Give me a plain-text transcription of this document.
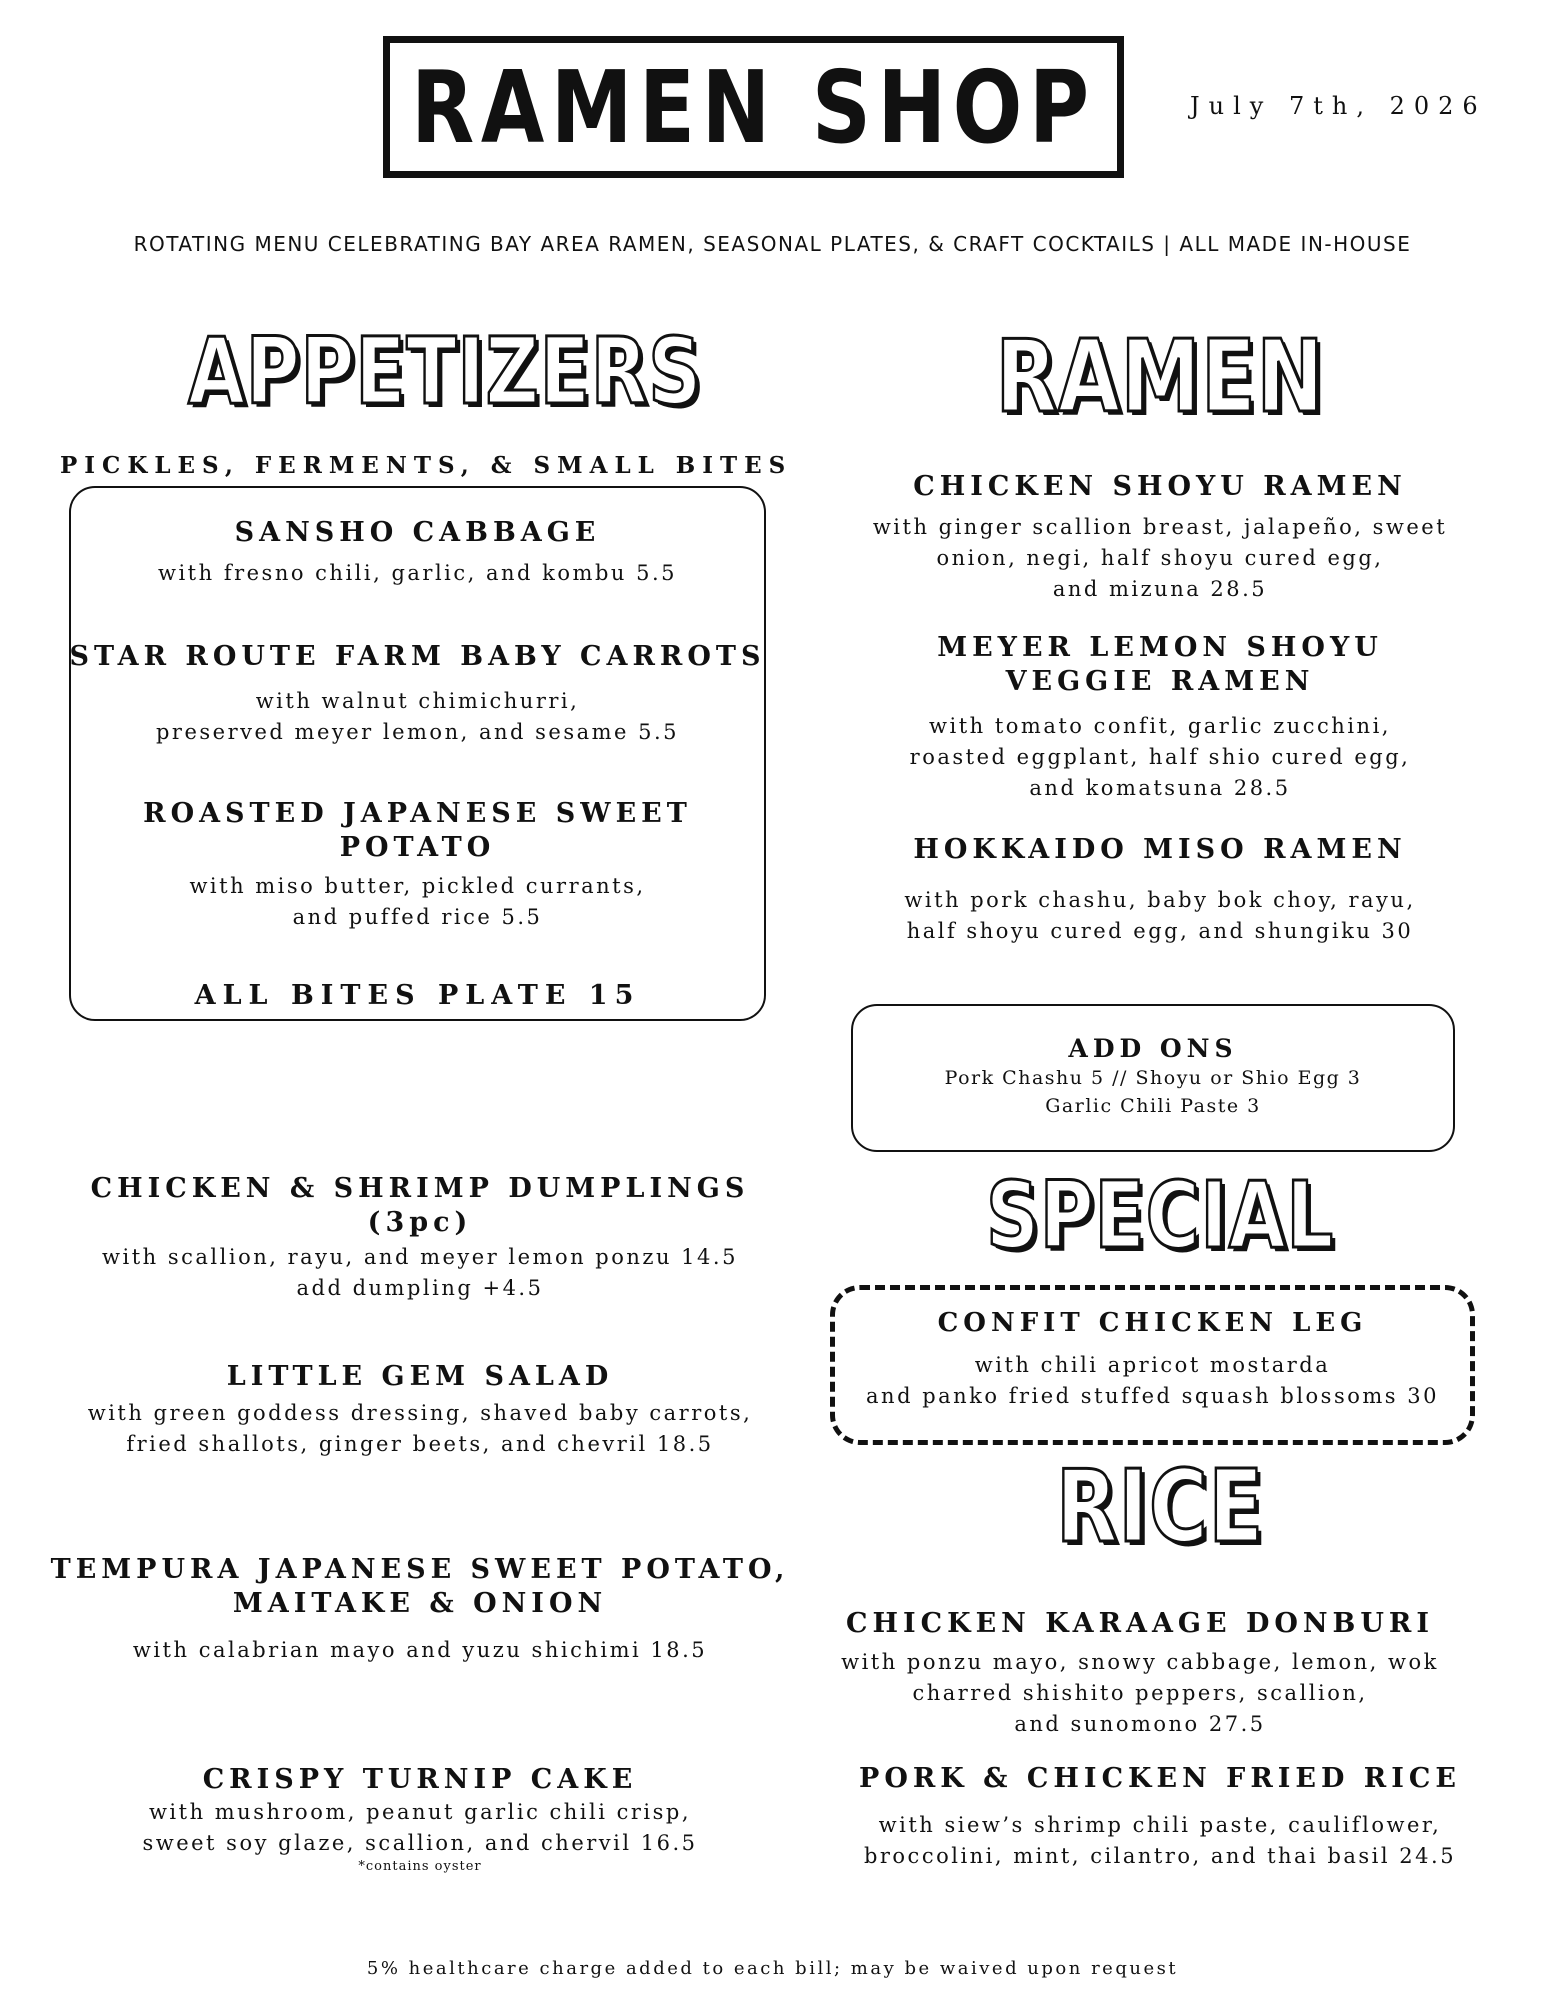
RAMEN SHOP	July 7th, 2026
ROTATING MENU CELEBRATING BAY AREA RAMEN, SEASONAL PLATES, & CRAFT COCKTAILS | ALL MADE IN-HOUSE
APPETIZERS
PICKLES, FERMENTS, & SMALL BITES
SANSHO CABBAGE
with fresno chili, garlic, and kombu 5.5
STAR ROUTE FARM BABY CARROTS
with walnut chimichurri,
preserved meyer lemon, and sesame 5.5
ROASTED JAPANESE SWEET POTATO
with miso butter, pickled currants,
and puffed rice 5.5
ALL BITES PLATE 15
CHICKEN & SHRIMP DUMPLINGS (3pc)
with scallion, rayu, and meyer lemon ponzu 14.5
add dumpling +4.5
LITTLE GEM SALAD
with green goddess dressing, shaved baby carrots,
fried shallots, ginger beets, and chevril 18.5
TEMPURA JAPANESE SWEET POTATO,
MAITAKE & ONION
with calabrian mayo and yuzu shichimi 18.5
CRISPY TURNIP CAKE
with mushroom, peanut garlic chili crisp,
sweet soy glaze, scallion, and chervil 16.5
*contains oyster
RAMEN
CHICKEN SHOYU RAMEN
with ginger scallion breast, jalapeño, sweet
onion, negi, half shoyu cured egg,
and mizuna 28.5
MEYER LEMON SHOYU
VEGGIE RAMEN
with tomato confit, garlic zucchini,
roasted eggplant, half shio cured egg,
and komatsuna 28.5
HOKKAIDO MISO RAMEN
with pork chashu, baby bok choy, rayu,
half shoyu cured egg, and shungiku 30
ADD ONS
Pork Chashu 5 // Shoyu or Shio Egg 3
Garlic Chili Paste 3
SPECIAL
CONFIT CHICKEN LEG
with chili apricot mostarda
and panko fried stuffed squash blossoms 30
RICE
CHICKEN KARAAGE DONBURI
with ponzu mayo, snowy cabbage, lemon, wok
charred shishito peppers, scallion,
and sunomono 27.5
PORK & CHICKEN FRIED RICE
with siew’s shrimp chili paste, cauliflower,
broccolini, mint, cilantro, and thai basil 24.5
5% healthcare charge added to each bill; may be waived upon request
